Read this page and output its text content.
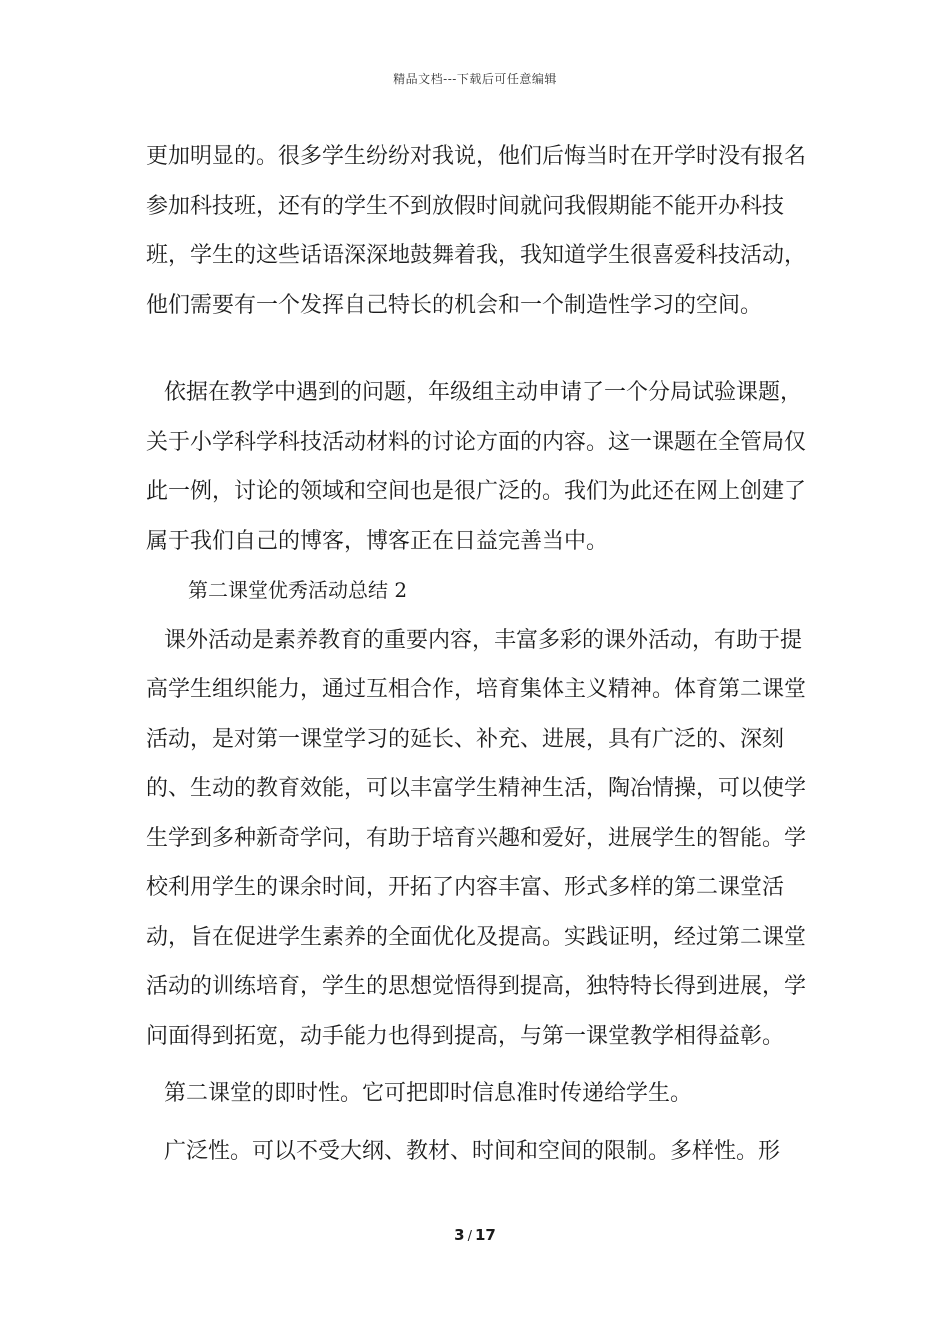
精品文档---下载后可任意编辑

更加明显的。很多学生纷纷对我说，他们后悔当时在开学时没有报名参加科技班，还有的学生不到放假时间就问我假期能不能开办科技班，学生的这些话语深深地鼓舞着我，我知道学生很喜爱科技活动，他们需要有一个发挥自己特长的机会和一个制造性学习的空间。

依据在教学中遇到的问题，年级组主动申请了一个分局试验课题，关于小学科学科技活动材料的讨论方面的内容。这一课题在全管局仅此一例，讨论的领域和空间也是很广泛的。我们为此还在网上创建了属于我们自己的博客，博客正在日益完善当中。

第二课堂优秀活动总结 2

课外活动是素养教育的重要内容，丰富多彩的课外活动，有助于提高学生组织能力，通过互相合作，培育集体主义精神。体育第二课堂活动，是对第一课堂学习的延长、补充、进展，具有广泛的、深刻的、生动的教育效能，可以丰富学生精神生活，陶冶情操，可以使学生学到多种新奇学问，有助于培育兴趣和爱好，进展学生的智能。学校利用学生的课余时间，开拓了内容丰富、形式多样的第二课堂活动，旨在促进学生素养的全面优化及提高。实践证明，经过第二课堂活动的训练培育，学生的思想觉悟得到提高，独特特长得到进展，学问面得到拓宽，动手能力也得到提高，与第一课堂教学相得益彰。

第二课堂的即时性。它可把即时信息准时传递给学生。

广泛性。可以不受大纲、教材、时间和空间的限制。多样性。形

3 / 17
